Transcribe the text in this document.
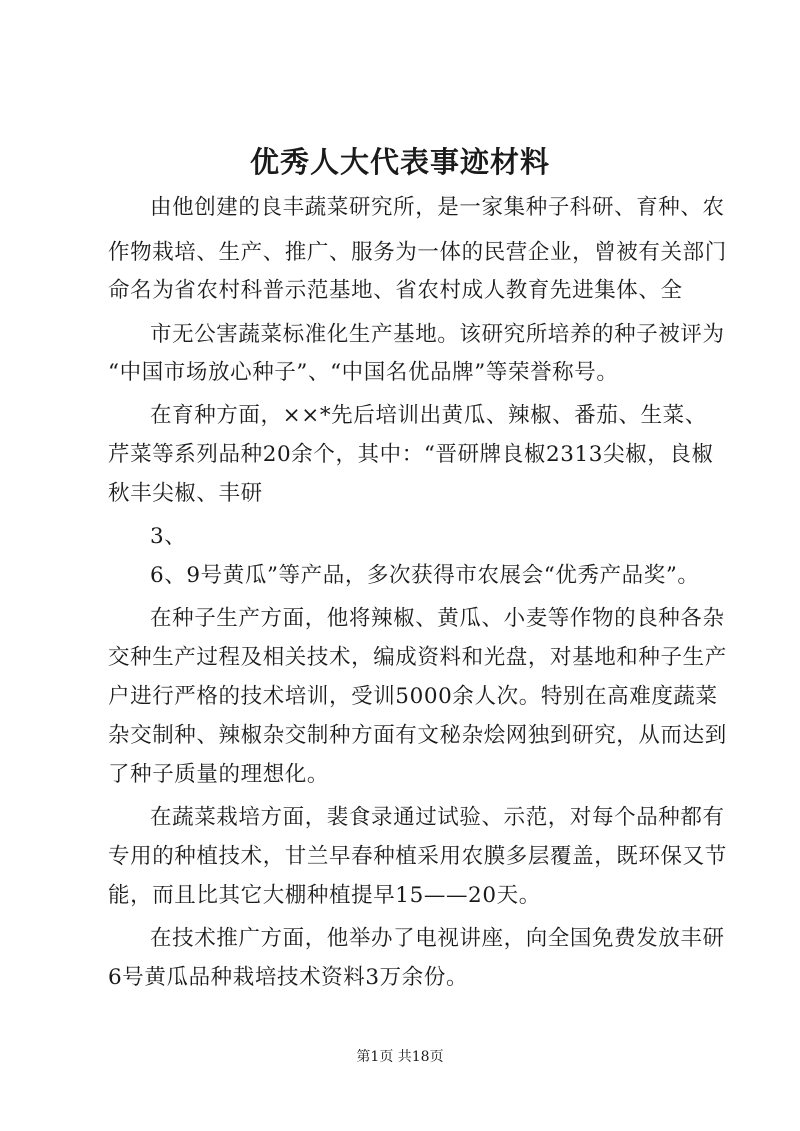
优秀人大代表事迹材料

由他创建的良丰蔬菜研究所，是一家集种子科研、育种、农

作物栽培、生产、推广、服务为一体的民营企业，曾被有关部门

命名为省农村科普示范基地、省农村成人教育先进集体、全

市无公害蔬菜标准化生产基地。该研究所培养的种子被评为

“中国市场放心种子”、“中国名优品牌”等荣誉称号。

在育种方面，××*先后培训出黄瓜、辣椒、番茄、生菜、

芹菜等系列品种20余个，其中：“晋研牌良椒2313尖椒，良椒

秋丰尖椒、丰研

3、

6、9号黄瓜”等产品，多次获得市农展会“优秀产品奖”。

在种子生产方面，他将辣椒、黄瓜、小麦等作物的良种各杂

交种生产过程及相关技术，编成资料和光盘，对基地和种子生产

户进行严格的技术培训，受训5000余人次。特别在高难度蔬菜

杂交制种、辣椒杂交制种方面有文秘杂烩网独到研究，从而达到

了种子质量的理想化。

在蔬菜栽培方面，裴食录通过试验、示范，对每个品种都有

专用的种植技术，甘兰早春种植采用农膜多层覆盖，既环保又节

能，而且比其它大棚种植提早15——20天。

在技术推广方面，他举办了电视讲座，向全国免费发放丰研

6号黄瓜品种栽培技术资料3万余份。

第1页 共18页
